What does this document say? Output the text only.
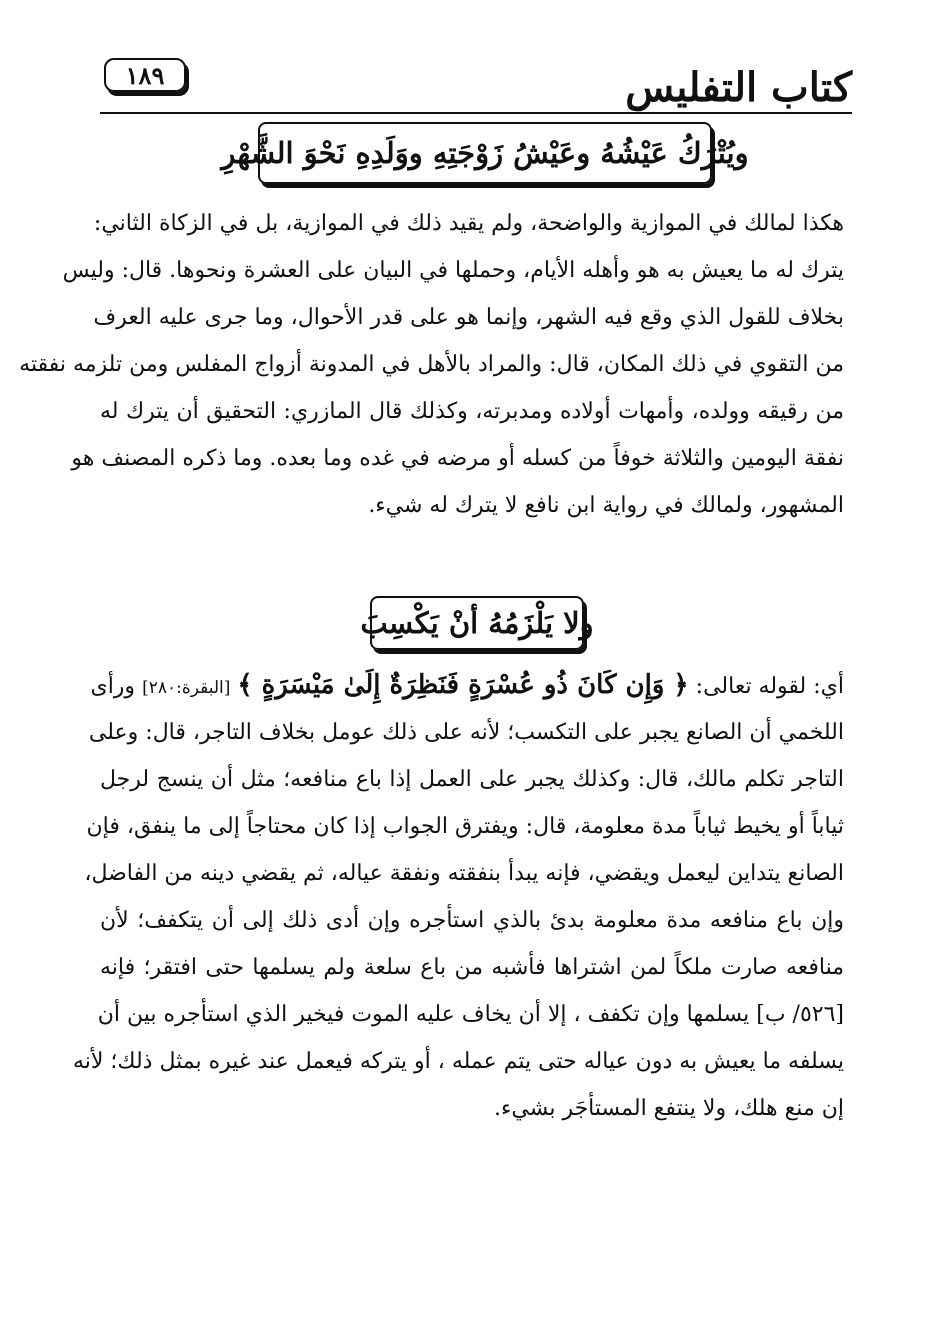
كتاب التفليس
١٨٩
ويُتْرَكُ عَيْشُهُ وعَيْشُ زَوْجَتِهِ ووَلَدِهِ نَحْوَ الشَّهْرِ
هكذا لمالك في الموازية والواضحة، ولم يقيد ذلك في الموازية، بل في الزكاة الثاني:
يترك له ما يعيش به هو وأهله الأيام، وحملها في البيان على العشرة ونحوها. قال: وليس
بخلاف للقول الذي وقع فيه الشهر، وإنما هو على قدر الأحوال، وما جرى عليه العرف
من التقوي في ذلك المكان، قال: والمراد بالأهل في المدونة أزواج المفلس ومن تلزمه نفقته
من رقيقه وولده، وأمهات أولاده ومدبرته، وكذلك قال المازري: التحقيق أن يترك له
نفقة اليومين والثلاثة خوفاً من كسله أو مرضه في غده وما بعده. وما ذكره المصنف هو
المشهور، ولمالك في رواية ابن نافع لا يترك له شيء.
ولا يَلْزَمُهُ أنْ يَكْسِبَ
أي: لقوله تعالى: ﴿ وَإِن كَانَ ذُو عُسْرَةٍ فَنَظِرَةٌ إِلَىٰ مَيْسَرَةٍ ﴾ [البقرة:٢٨٠] ورأى
اللخمي أن الصانع يجبر على التكسب؛ لأنه على ذلك عومل بخلاف التاجر، قال: وعلى
التاجر تكلم مالك، قال: وكذلك يجبر على العمل إذا باع منافعه؛ مثل أن ينسج لرجل
ثياباً أو يخيط ثياباً مدة معلومة، قال: ويفترق الجواب إذا كان محتاجاً إلى ما ينفق، فإن
الصانع يتداين ليعمل ويقضي، فإنه يبدأ بنفقته ونفقة عياله، ثم يقضي دينه من الفاضل،
وإن باع منافعه مدة معلومة بدئ بالذي استأجره وإن أدى ذلك إلى أن يتكفف؛ لأن
منافعه صارت ملكاً لمن اشتراها فأشبه من باع سلعة ولم يسلمها حتى افتقر؛ فإنه
[٥٢٦/ ب] يسلمها وإن تكفف ، إلا أن يخاف عليه الموت فيخير الذي استأجره بين أن
يسلفه ما يعيش به دون عياله حتى يتم عمله ، أو يتركه فيعمل عند غيره بمثل ذلك؛ لأنه
إن منع هلك، ولا ينتفع المستأجَر بشيء.
